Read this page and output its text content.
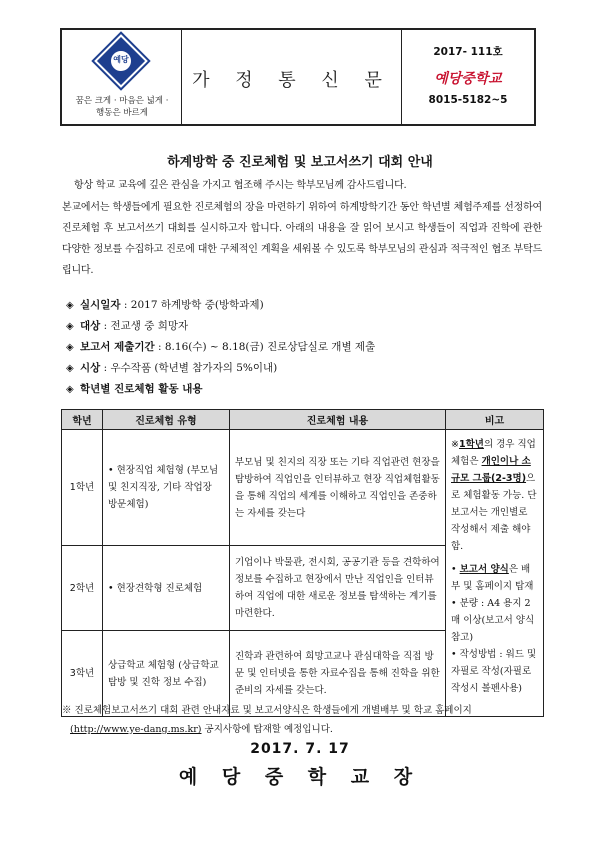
예당
꿈은 크게 · 마음은 넓게 ·
행동은 바르게
가 정 통 신 문
2017- 111호
예당중학교
8015-5182~5
하계방학 중 진로체험 및 보고서쓰기 대회 안내
항상 학교 교육에 깊은 관심을 가지고 협조해 주시는 학부모님께 감사드립니다.
본교에서는 학생들에게 필요한 진로체험의 장을 마련하기 위하여 하계방학기간 동안 학년별 체험주제를 선정하여 진로체험 후 보고서쓰기 대회를 실시하고자 합니다. 아래의 내용을 잘 읽어 보시고 학생들이 직업과 진학에 관한 다양한 정보를 수집하고 진로에 대한 구체적인 계획을 세워볼 수 있도록 학부모님의 관심과 적극적인 협조 부탁드립니다.
◈ 실시일자 : 2017 하계방학 중(방학과제)
◈ 대상 : 전교생 중 희망자
◈ 보고서 제출기간 : 8.16(수) ~ 8.18(금) 진로상담실로 개별 제출
◈ 시상 : 우수작품 (학년별 참가자의 5%이내)
◈ 학년별 진로체험 활동 내용
학년	진로체험 유형	진로체험 내용	비고
1학년	• 현장직업 체험형 (부모님 및 친지직장, 기타 작업장 방문체험)	부모님 및 친지의 직장 또는 기타 직업관련 현장을 탐방하여 직업인을 인터뷰하고 현장 직업체험활동을 통해 직업의 세계를 이해하고 직업인을 존중하는 자세를 갖는다	※1학년의 경우 직업체험은 개인이나 소규모 그룹(2-3명)으로 체험활동 가능. 단 보고서는 개인별로 작성해서 제출 해야함.
• 보고서 양식은 배부 및 홈페이지 탑재
• 분량 : A4 용지 2매 이상(보고서 양식 참고)
• 작성방법 : 워드 및 자필로 작성(자필로 작성시 볼펜사용)

2학년	• 현장견학형 진로체험	기업이나 박물관, 전시회, 공공기관 등을 견학하여 정보를 수집하고 현장에서 만난 직업인을 인터뷰하여 직업에 대한 새로운 정보를 탐색하는 계기를 마련한다.	
3학년	상급학교 체험형 (상급학교 탐방 및 진학 정보 수집)	진학과 관련하여 희망고교나 관심대학을 직접 방문 및 인터넷을 통한 자료수집을 통해 진학을 위한 준비의 자세를 갖는다.	
※ 진로체험보고서쓰기 대회 관련 안내자료 및 보고서양식은 학생들에게 개별배부 및 학교 홈페이지
(http://www.ye-dang.ms.kr) 공지사항에 탑재할 예정입니다.
2017. 7. 17
예 당 중 학 교 장
